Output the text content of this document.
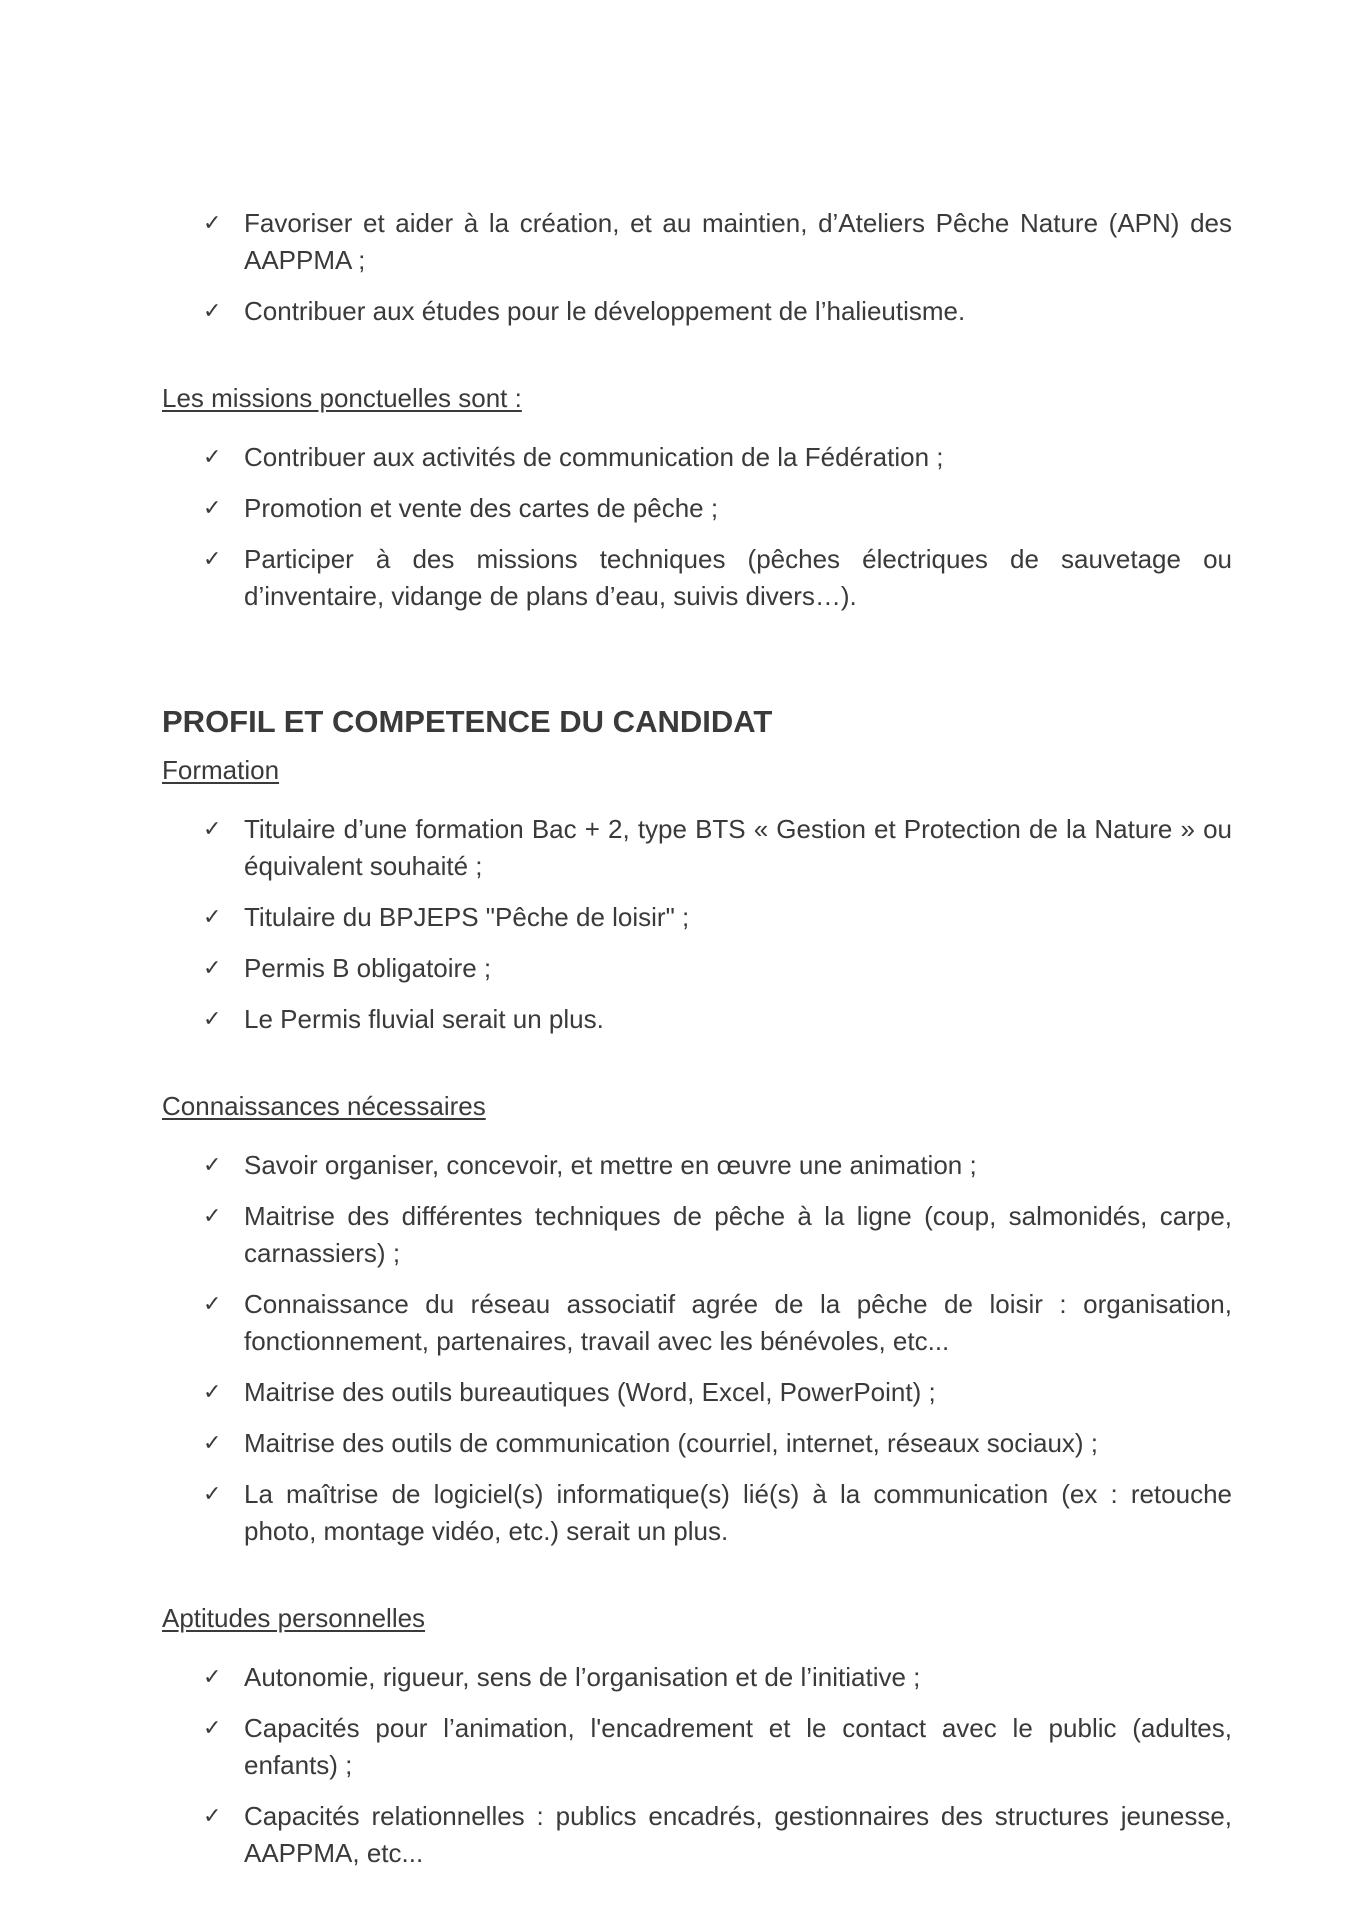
✓ Favoriser et aider à la création, et au maintien, d’Ateliers Pêche Nature (APN) des AAPPMA ;
✓ Contribuer aux études pour le développement de l’halieutisme.

Les missions ponctuelles sont :

✓ Contribuer aux activités de communication de la Fédération ;
✓ Promotion et vente des cartes de pêche ;
✓ Participer à des missions techniques (pêches électriques de sauvetage ou d’inventaire, vidange de plans d’eau, suivis divers…).
PROFIL ET COMPETENCE DU CANDIDAT

Formation

✓ Titulaire d’une formation Bac + 2, type BTS « Gestion et Protection de la Nature » ou équivalent souhaité ;
✓ Titulaire du BPJEPS "Pêche de loisir" ;
✓ Permis B obligatoire ;
✓ Le Permis fluvial serait un plus.

Connaissances nécessaires

✓ Savoir organiser, concevoir, et mettre en œuvre une animation ;
✓ Maitrise des différentes techniques de pêche à la ligne (coup, salmonidés, carpe, carnassiers) ;
✓ Connaissance du réseau associatif agrée de la pêche de loisir : organisation, fonctionnement, partenaires, travail avec les bénévoles, etc...
✓ Maitrise des outils bureautiques (Word, Excel, PowerPoint) ;
✓ Maitrise des outils de communication (courriel, internet, réseaux sociaux) ;
✓ La maîtrise de logiciel(s) informatique(s) lié(s) à la communication (ex : retouche photo, montage vidéo, etc.) serait un plus.

Aptitudes personnelles

✓ Autonomie, rigueur, sens de l’organisation et de l’initiative ;
✓ Capacités pour l’animation, l'encadrement et le contact avec le public (adultes, enfants) ;
✓ Capacités relationnelles : publics encadrés, gestionnaires des structures jeunesse, AAPPMA, etc...
